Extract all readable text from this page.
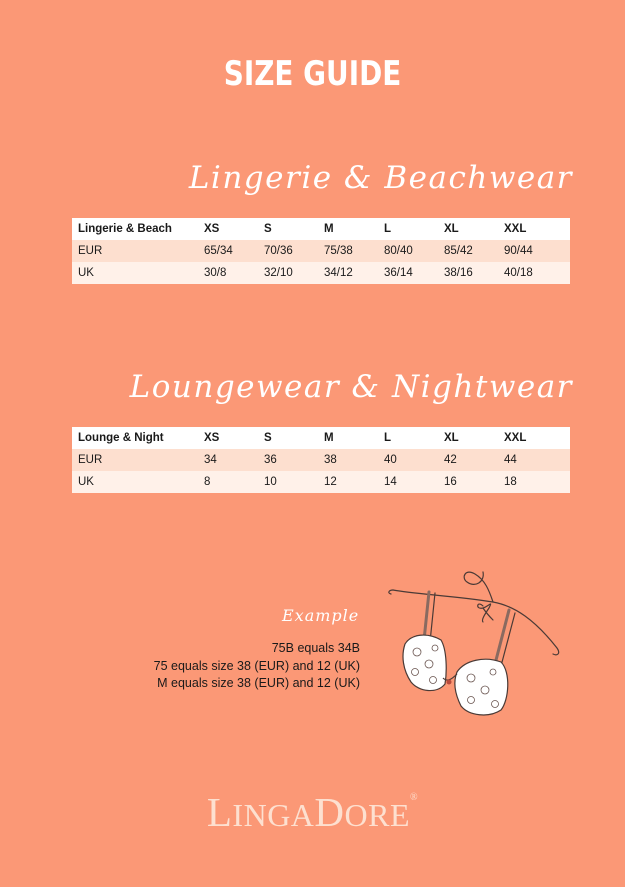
SIZE GUIDE
Lingerie & Beachwear
Lingerie & Beach	XS	S	M	L	XL	XXL
EUR	65/34	70/36	75/38	80/40	85/42	90/44
UK	30/8	32/10	34/12	36/14	38/16	40/18
Loungewear & Nightwear
Lounge & Night	XS	S	M	L	XL	XXL
EUR	34	36	38	40	42	44
UK	8	10	12	14	16	18
Example
75B equals 34B
75 equals size 38 (EUR) and 12 (UK)
M equals size 38 (EUR) and 12 (UK)
LINGADORE®
